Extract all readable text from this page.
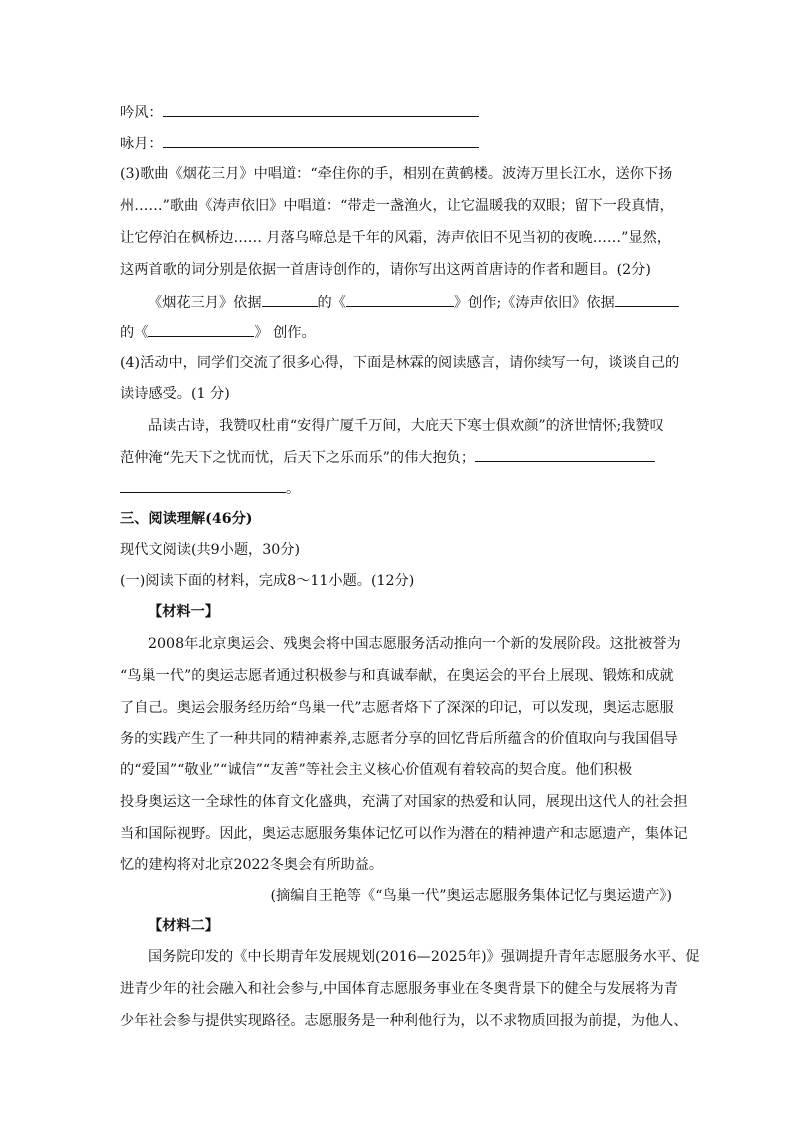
吟风：
咏月：
(3)歌曲《烟花三月》中唱道：“牵住你的手，相别在黄鹤楼。波涛万里长江水，送你下扬
州……”歌曲《涛声依旧》中唱道：“带走一盏渔火，让它温暖我的双眼；留下一段真情，
让它停泊在枫桥边…… 月落乌啼总是千年的风霜，涛声依旧不见当初的夜晚……”显然，
这两首歌的词分别是依据一首唐诗创作的，请你写出这两首唐诗的作者和题目。(2分)
《烟花三月》依据	的《	》创作;《涛声依旧》依据
的《	》 创作。
(4)活动中，同学们交流了很多心得，下面是林霖的阅读感言，请你续写一句，谈谈自己的
读诗感受。(1 分)
品读古诗，我赞叹杜甫“安得广厦千万间，大庇天下寒士俱欢颜”的济世情怀;我赞叹
范仲淹“先天下之忧而忧，后天下之乐而乐”的伟大抱负；
。
三、阅读理解(46分)
现代文阅读(共9小题，30分)
(一)阅读下面的材料，完成8～11小题。(12分)
【材料一】
2008年北京奥运会、残奥会将中国志愿服务活动推向一个新的发展阶段。这批被誉为
“鸟巢一代”的奥运志愿者通过积极参与和真诚奉献，在奥运会的平台上展现、锻炼和成就
了自己。奥运会服务经历给“鸟巢一代”志愿者烙下了深深的印记，可以发现，奥运志愿服
务的实践产生了一种共同的精神素养,志愿者分享的回忆背后所蕴含的价值取向与我国倡导
的“爱国”“敬业”“诚信”“友善”等社会主义核心价值观有着较高的契合度。他们积极
投身奥运这一全球性的体育文化盛典，充满了对国家的热爱和认同，展现出这代人的社会担
当和国际视野。因此，奥运志愿服务集体记忆可以作为潜在的精神遗产和志愿遗产，集体记
忆的建构将对北京2022冬奥会有所助益。
(摘编自王艳等《“鸟巢一代”奥运志愿服务集体记忆与奥运遗产》)
【材料二】
国务院印发的《中长期青年发展规划(2016—2025年)》强调提升青年志愿服务水平、促
进青少年的社会融入和社会参与,中国体育志愿服务事业在冬奥背景下的健全与发展将为青
少年社会参与提供实现路径。志愿服务是一种利他行为，以不求物质回报为前提，为他人、
